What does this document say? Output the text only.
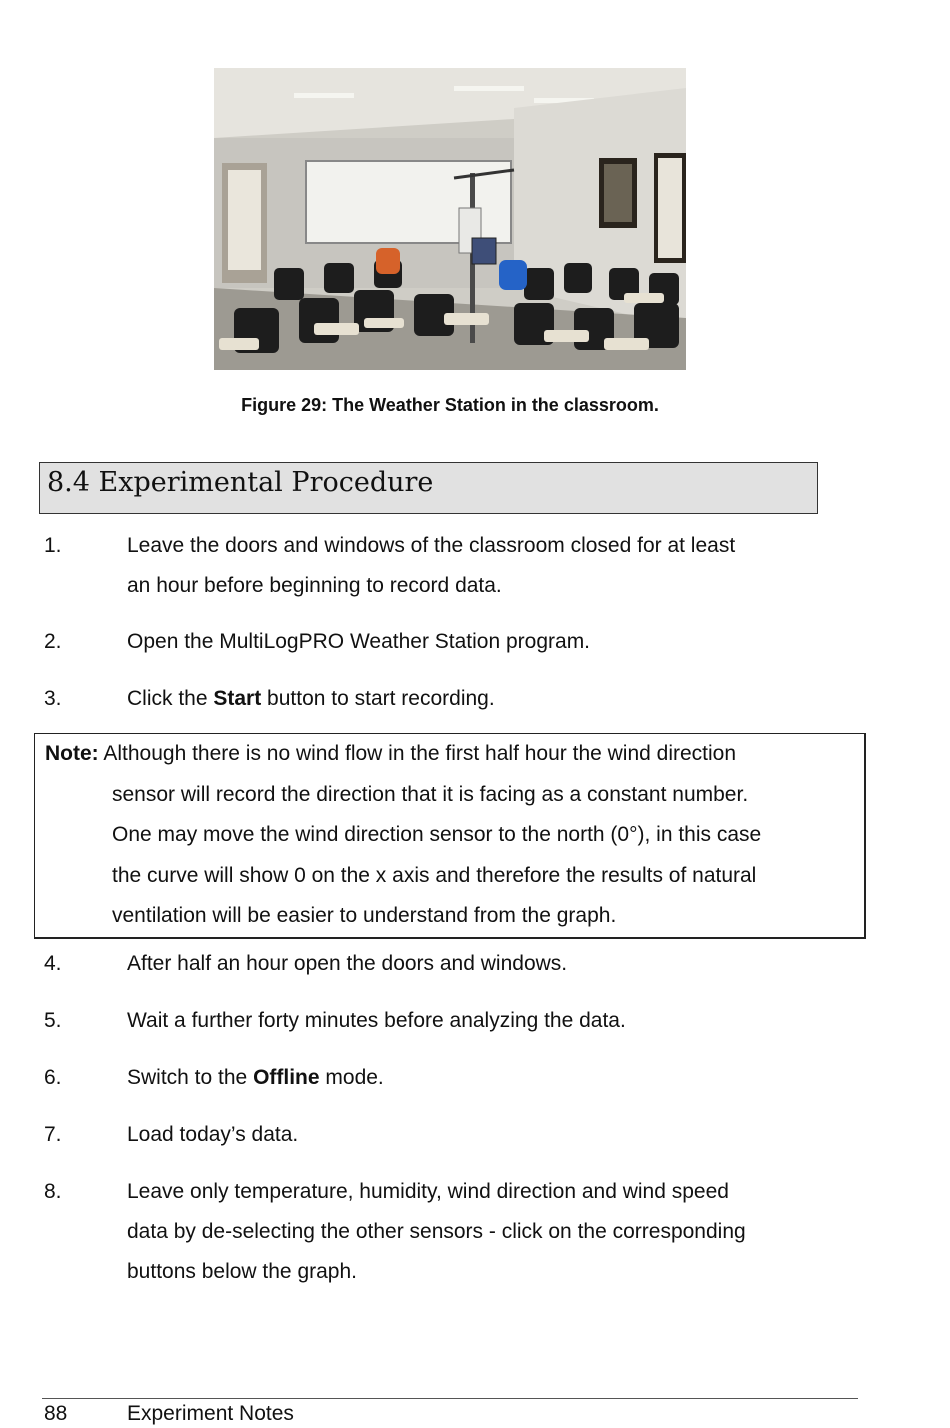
Figure 29: The Weather Station in the classroom.
8.4 Experimental Procedure
1.	Leave the doors and windows of the classroom closed for at least
an hour before beginning to record data.
2.	Open the MultiLogPRO Weather Station program.
3.	Click the Start button to start recording.
Note: Although there is no wind flow in the first half hour the wind direction
sensor will record the direction that it is facing as a constant number.
One may move the wind direction sensor to the north (0°), in this case
the curve will show 0 on the x axis and therefore the results of natural
ventilation will be easier to understand from the graph.
4.	After half an hour open the doors and windows.
5.	Wait a further forty minutes before analyzing the data.
6.	Switch to the Offline mode.
7.	Load today’s data.
8.	Leave only temperature, humidity, wind direction and wind speed
data by de-selecting the other sensors - click on the corresponding
buttons below the graph.
88	Experiment Notes
